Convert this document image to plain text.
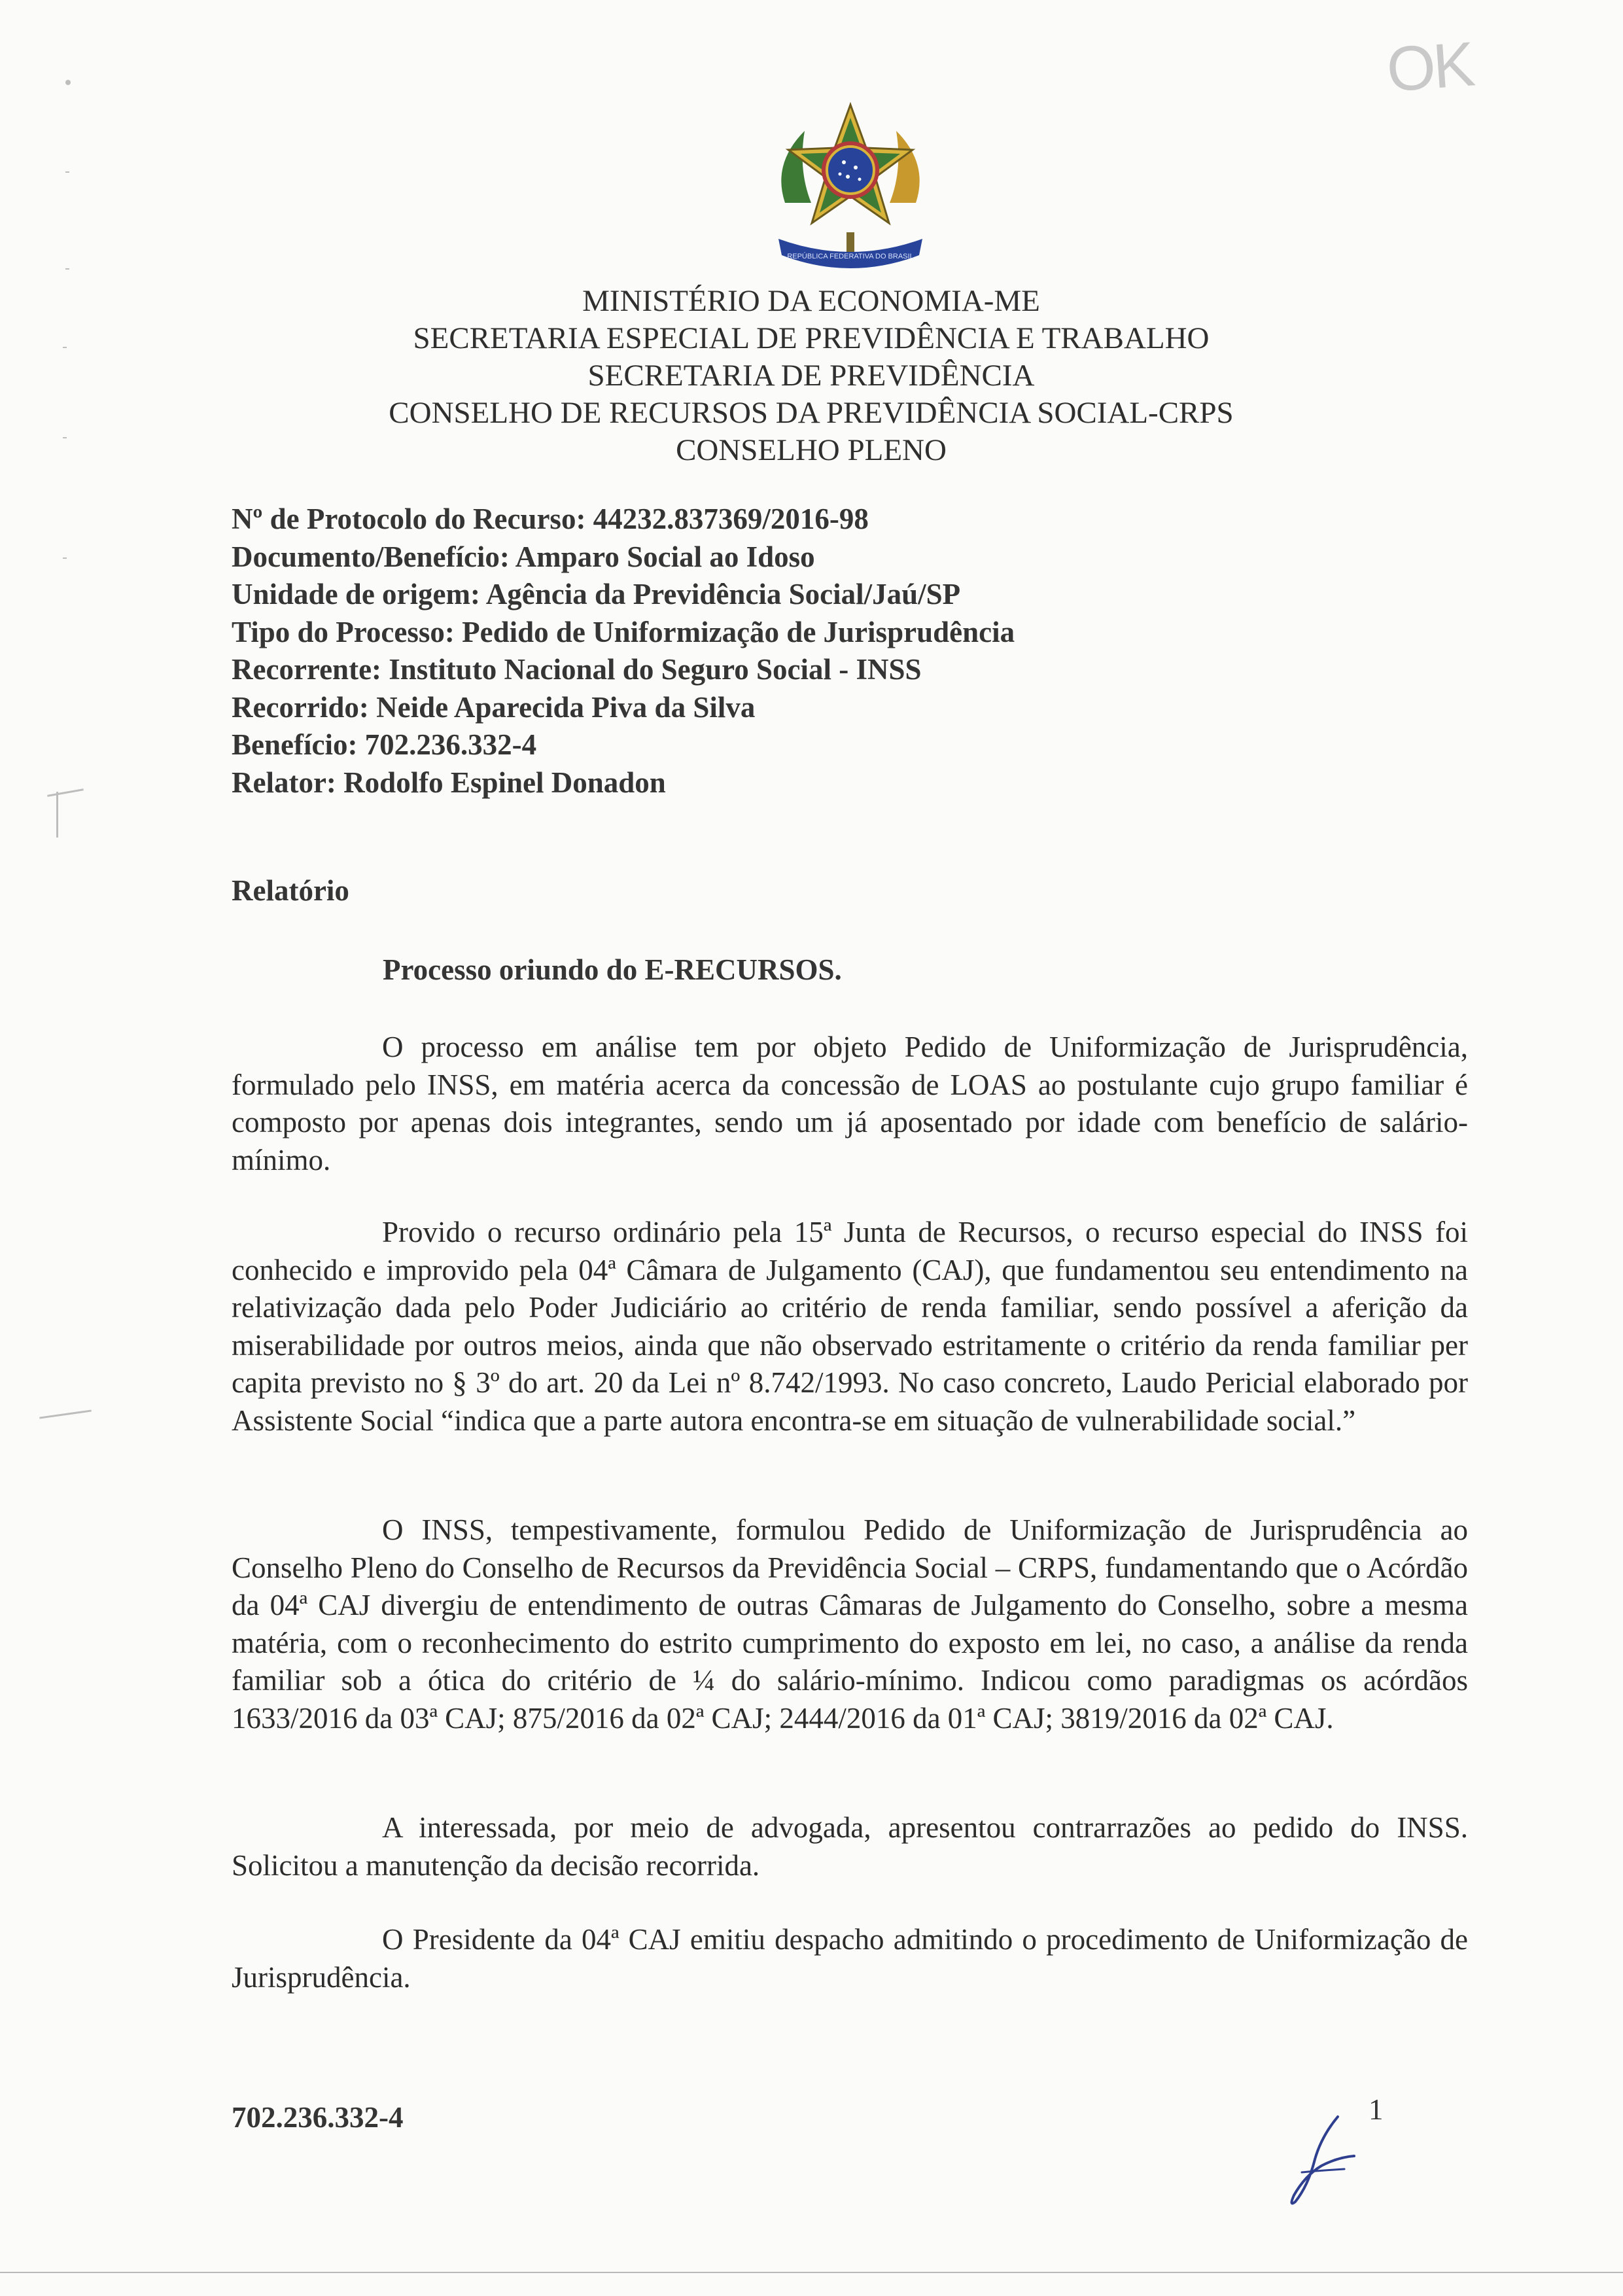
OK
REPÚBLICA FEDERATIVA DO BRASIL
MINISTÉRIO DA ECONOMIA-ME
SECRETARIA ESPECIAL DE PREVIDÊNCIA E TRABALHO
SECRETARIA DE PREVIDÊNCIA
CONSELHO DE RECURSOS DA PREVIDÊNCIA SOCIAL-CRPS
CONSELHO PLENO
Nº de Protocolo do Recurso: 44232.837369/2016-98
Documento/Benefício: Amparo Social ao Idoso
Unidade de origem: Agência da Previdência Social/Jaú/SP
Tipo do Processo: Pedido de Uniformização de Jurisprudência
Recorrente: Instituto Nacional do Seguro Social - INSS
Recorrido: Neide Aparecida Piva da Silva
Benefício: 702.236.332-4
Relator: Rodolfo Espinel Donadon
Relatório
Processo oriundo do E-RECURSOS.

O processo em análise tem por objeto Pedido de Uniformização de Jurisprudência, formulado pelo INSS, em matéria acerca da concessão de LOAS ao postulante cujo grupo familiar é composto por apenas dois integrantes, sendo um já aposentado por idade com benefício de salário-mínimo.

Provido o recurso ordinário pela 15ª Junta de Recursos, o recurso especial do INSS foi conhecido e improvido pela 04ª Câmara de Julgamento (CAJ), que fundamentou seu entendimento na relativização dada pelo Poder Judiciário ao critério de renda familiar, sendo possível a aferição da miserabilidade por outros meios, ainda que não observado estritamente o critério da renda familiar per capita previsto no § 3º do art. 20 da Lei nº 8.742/1993. No caso concreto, Laudo Pericial elaborado por Assistente Social “indica que a parte autora encontra-se em situação de vulnerabilidade social.”

O INSS, tempestivamente, formulou Pedido de Uniformização de Jurisprudência ao Conselho Pleno do Conselho de Recursos da Previdência Social – CRPS, fundamentando que o Acórdão da 04ª CAJ divergiu de entendimento de outras Câmaras de Julgamento do Conselho, sobre a mesma matéria, com o reconhecimento do estrito cumprimento do exposto em lei, no caso, a análise da renda familiar sob a ótica do critério de ¼ do salário-mínimo. Indicou como paradigmas os acórdãos 1633/2016 da 03ª CAJ; 875/2016 da 02ª CAJ; 2444/2016 da 01ª CAJ; 3819/2016 da 02ª CAJ.

A interessada, por meio de advogada, apresentou contrarrazões ao pedido do INSS. Solicitou a manutenção da decisão recorrida.

O Presidente da 04ª CAJ emitiu despacho admitindo o procedimento de Uniformização de Jurisprudência.

702.236.332-4	1
